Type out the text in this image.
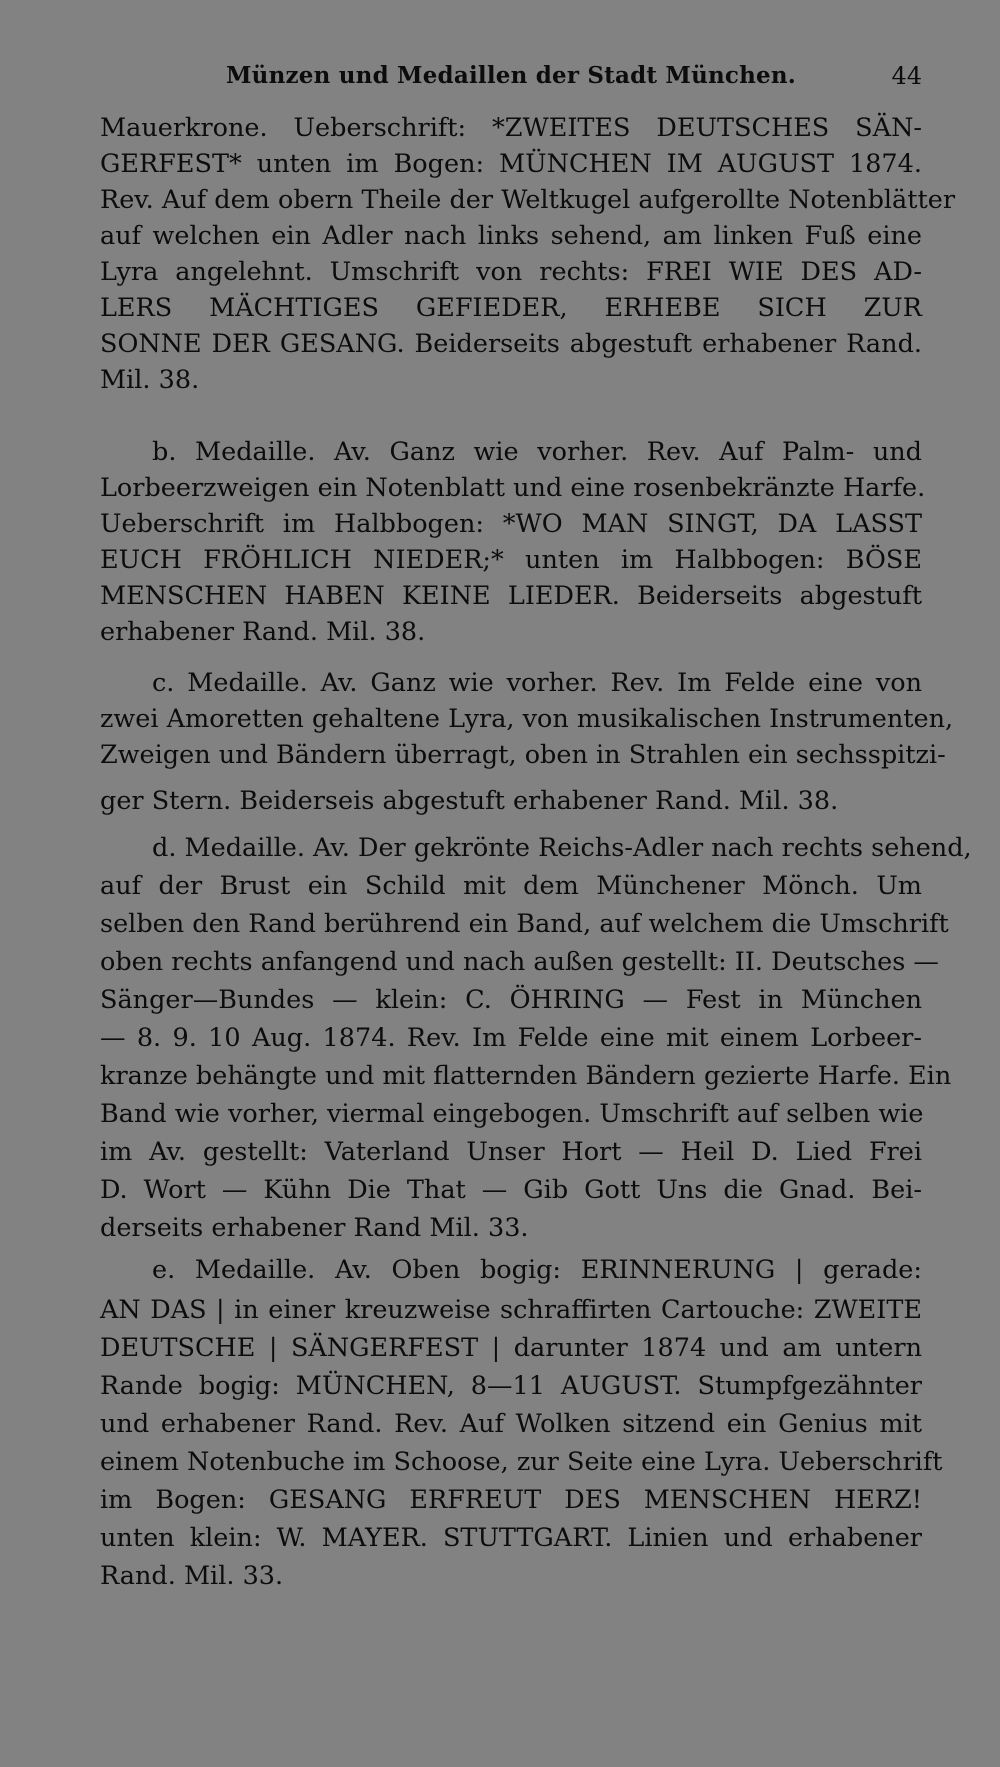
Münzen und Medaillen der Stadt München.	44
Mauerkrone. Ueberschrift: *ZWEITES DEUTSCHES SÄN-
GERFEST* unten im Bogen: MÜNCHEN IM AUGUST 1874.
Rev. Auf dem obern Theile der Weltkugel aufgerollte Notenblätter
auf welchen ein Adler nach links sehend, am linken Fuß eine
Lyra angelehnt. Umschrift von rechts: FREI WIE DES AD-
LERS MÄCHTIGES GEFIEDER, ERHEBE SICH ZUR
SONNE DER GESANG. Beiderseits abgestuft erhabener Rand.
Mil. 38.
b. Medaille. Av. Ganz wie vorher. Rev. Auf Palm- und
Lorbeerzweigen ein Notenblatt und eine rosenbekränzte Harfe.
Ueberschrift im Halbbogen: *WO MAN SINGT, DA LASST
EUCH FRÖHLICH NIEDER;* unten im Halbbogen: BÖSE
MENSCHEN HABEN KEINE LIEDER. Beiderseits abgestuft
erhabener Rand. Mil. 38.
c. Medaille. Av. Ganz wie vorher. Rev. Im Felde eine von
zwei Amoretten gehaltene Lyra, von musikalischen Instrumenten,
Zweigen und Bändern überragt, oben in Strahlen ein sechsspitzi-
ger Stern. Beiderseis abgestuft erhabener Rand. Mil. 38.
d. Medaille. Av. Der gekrönte Reichs-Adler nach rechts sehend,
auf der Brust ein Schild mit dem Münchener Mönch. Um
selben den Rand berührend ein Band, auf welchem die Umschrift
oben rechts anfangend und nach außen gestellt: II. Deutsches —
Sänger—Bundes — klein: C. ÖHRING — Fest in München
— 8. 9. 10 Aug. 1874. Rev. Im Felde eine mit einem Lorbeer-
kranze behängte und mit flatternden Bändern gezierte Harfe. Ein
Band wie vorher, viermal eingebogen. Umschrift auf selben wie
im Av. gestellt: Vaterland Unser Hort — Heil D. Lied Frei
D. Wort — Kühn Die That — Gib Gott Uns die Gnad. Bei-
derseits erhabener Rand Mil. 33.
e. Medaille. Av. Oben bogig: ERINNERUNG | gerade:
AN DAS | in einer kreuzweise schraffirten Cartouche: ZWEITE
DEUTSCHE | SÄNGERFEST | darunter 1874 und am untern
Rande bogig: MÜNCHEN, 8—11 AUGUST. Stumpfgezähnter
und erhabener Rand. Rev. Auf Wolken sitzend ein Genius mit
einem Notenbuche im Schoose, zur Seite eine Lyra. Ueberschrift
im Bogen: GESANG ERFREUT DES MENSCHEN HERZ!
unten klein: W. MAYER. STUTTGART. Linien und erhabener
Rand. Mil. 33.
